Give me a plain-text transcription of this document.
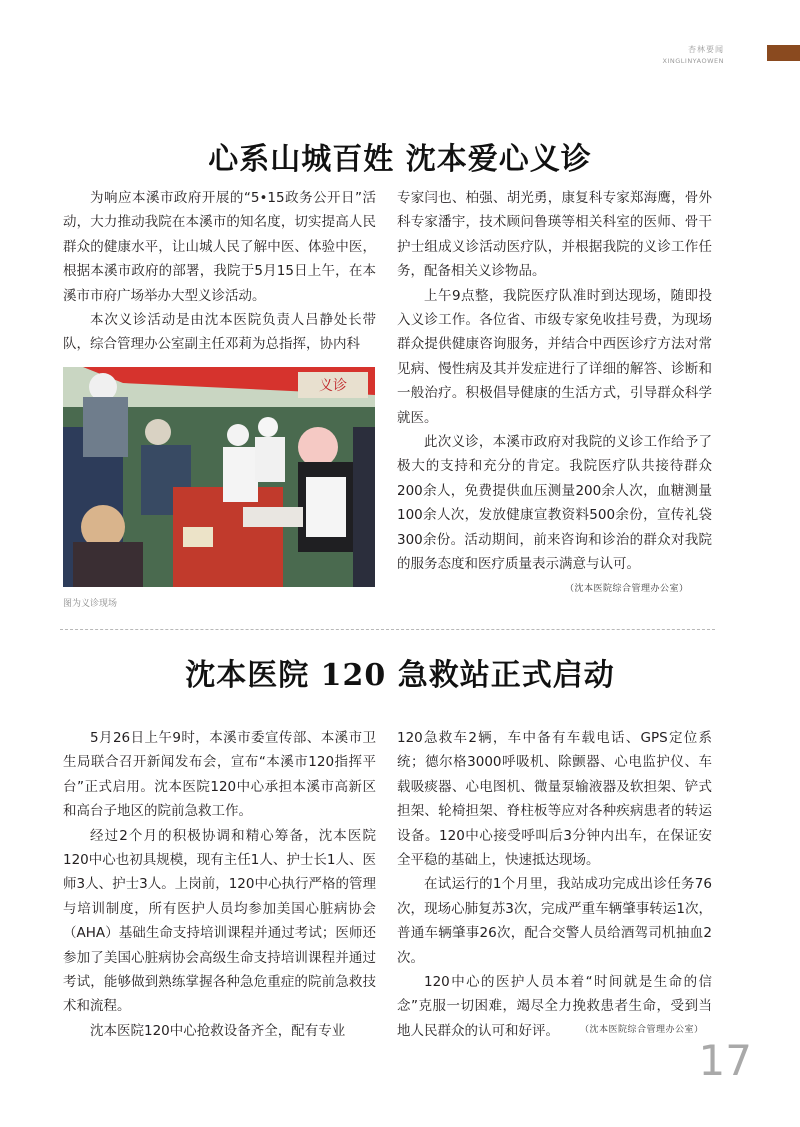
杏林要闻
XINGLINYAOWEN
心系山城百姓 沈本爱心义诊

为响应本溪市政府开展的“5•15政务公开日”活动，大力推动我院在本溪市的知名度，切实提高人民群众的健康水平，让山城人民了解中医、体验中医，根据本溪市政府的部署，我院于5月15日上午，在本溪市市府广场举办大型义诊活动。

本次义诊活动是由沈本医院负责人吕静处长带队，综合管理办公室副主任邓莉为总指挥，协内科

义诊
图为义诊现场

专家闫也、柏强、胡光勇，康复科专家郑海鹰，骨外科专家潘宇，技术顾问鲁瑛等相关科室的医师、骨干护士组成义诊活动医疗队，并根据我院的义诊工作任务，配备相关义诊物品。

上午9点整，我院医疗队准时到达现场，随即投入义诊工作。各位省、市级专家免收挂号费，为现场群众提供健康咨询服务，并结合中西医诊疗方法对常见病、慢性病及其并发症进行了详细的解答、诊断和一般治疗。积极倡导健康的生活方式，引导群众科学就医。

此次义诊，本溪市政府对我院的义诊工作给予了极大的支持和充分的肯定。我院医疗队共接待群众200余人，免费提供血压测量200余人次，血糖测量100余人次，发放健康宣教资料500余份，宣传礼袋300余份。活动期间，前来咨询和诊治的群众对我院的服务态度和医疗质量表示满意与认可。

（沈本医院综合管理办公室）
沈本医院 120 急救站正式启动

5月26日上午9时，本溪市委宣传部、本溪市卫生局联合召开新闻发布会，宣布“本溪市120指挥平台”正式启用。沈本医院120中心承担本溪市高新区和高台子地区的院前急救工作。

经过2个月的积极协调和精心筹备，沈本医院120中心也初具规模，现有主任1人、护士长1人、医师3人、护士3人。上岗前，120中心执行严格的管理与培训制度，所有医护人员均参加美国心脏病协会（AHA）基础生命支持培训课程并通过考试；医师还参加了美国心脏病协会高级生命支持培训课程并通过考试，能够做到熟练掌握各种急危重症的院前急救技术和流程。

沈本医院120中心抢救设备齐全，配有专业

120急救车2辆，车中备有车载电话、GPS定位系统；德尔格3000呼吸机、除颤器、心电监护仪、车载吸痰器、心电图机、微量泵输液器及软担架、铲式担架、轮椅担架、脊柱板等应对各种疾病患者的转运设备。120中心接受呼叫后3分钟内出车，在保证安全平稳的基础上，快速抵达现场。

在试运行的1个月里，我站成功完成出诊任务76次，现场心肺复苏3次，完成严重车辆肇事转运1次，普通车辆肇事26次，配合交警人员给酒驾司机抽血2次。

120中心的医护人员本着“时间就是生命的信念”克服一切困难，竭尽全力挽救患者生命，受到当地人民群众的认可和好评。	（沈本医院综合管理办公室）
17
